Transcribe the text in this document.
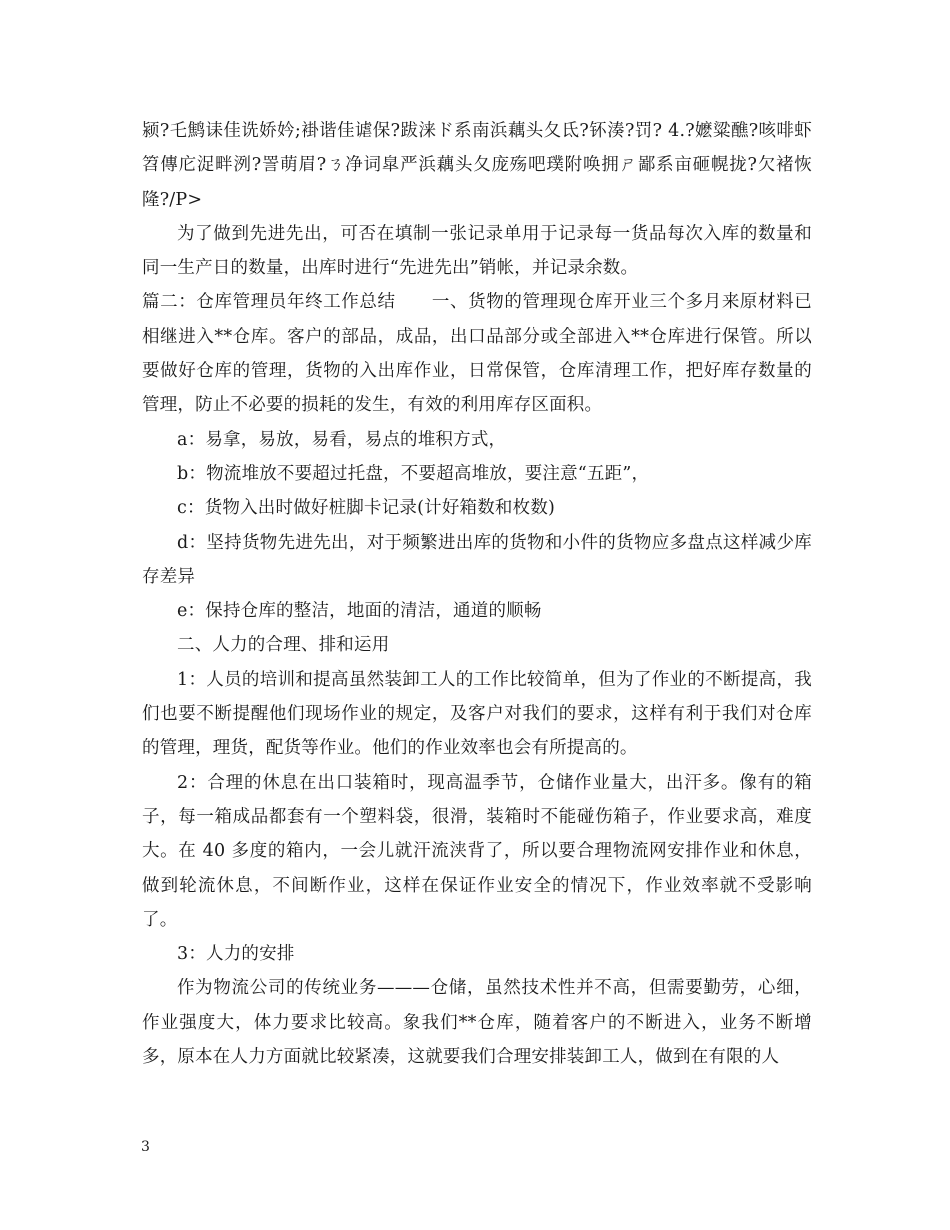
颍?乇鹪诔佳诜娇妗;褂谐佳谑保?跋涞ド系南浜藕头夂氐?钚湊?罚? 4.?嬷粱醮?咳啡虾笤傳庀浞畔洌?詈萌眉?ㄋ净词皐严浜藕头夂庞殇吧璞附唤拥ㄕ鄙系亩砸幌拢?欠褚恢隆?/P>

为了做到先进先出，可否在填制一张记录单用于记录每一货品每次入库的数量和同一生产日的数量，出库时进行“先进先出”销帐，并记录余数。

篇二：仓库管理员年终工作总结　　一、货物的管理现仓库开业三个多月来原材料已相继进入**仓库。客户的部品，成品，出口品部分或全部进入**仓库进行保管。所以要做好仓库的管理，货物的入出库作业，日常保管，仓库清理工作，把好库存数量的管理，防止不必要的损耗的发生，有效的利用库存区面积。

a：易拿，易放，易看，易点的堆积方式，

b：物流堆放不要超过托盘，不要超高堆放，要注意“五距”，

c：货物入出时做好桩脚卡记录(计好箱数和枚数)

d：坚持货物先进先出，对于频繁进出库的货物和小件的货物应多盘点这样减少库存差异

e：保持仓库的整洁，地面的清洁，通道的顺畅

二、人力的合理、排和运用

1：人员的培训和提高虽然装卸工人的工作比较简单，但为了作业的不断提高，我们也要不断提醒他们现场作业的规定，及客户对我们的要求，这样有利于我们对仓库的管理，理货，配货等作业。他们的作业效率也会有所提高的。

2：合理的休息在出口装箱时，现高温季节，仓储作业量大，出汗多。像有的箱子，每一箱成品都套有一个塑料袋，很滑，装箱时不能碰伤箱子，作业要求高，难度大。在 40 多度的箱内，一会儿就汗流浃背了，所以要合理物流网安排作业和休息，做到轮流休息，不间断作业，这样在保证作业安全的情况下，作业效率就不受影响了。

3：人力的安排

作为物流公司的传统业务———仓储，虽然技术性并不高，但需要勤劳，心细，作业强度大，体力要求比较高。象我们**仓库，随着客户的不断进入，业务不断增多，原本在人力方面就比较紧凑，这就要我们合理安排装卸工人，做到在有限的人

3
